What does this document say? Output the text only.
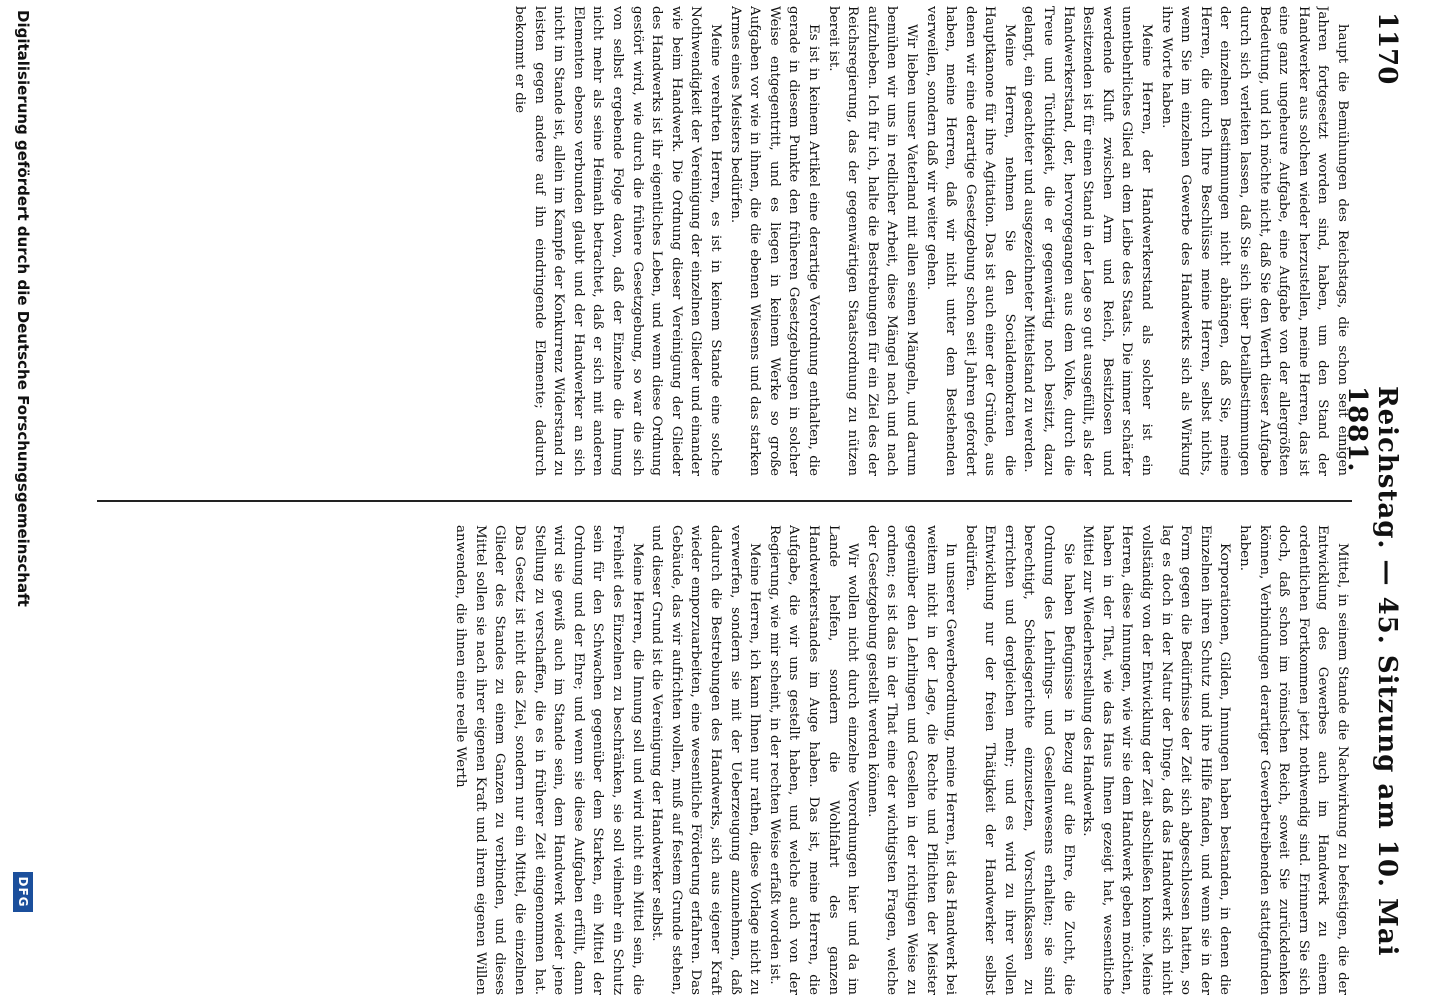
1170
Reichstag. — 45. Sitzung am 10. Mai 1881.

haupt die Bemühungen des Reichstags, die schon seit einigen Jahren fortgesetzt worden sind, haben, um den Stand der Handwerker aus solchen wieder herzustellen, meine Herren, das ist eine ganz ungeheure Aufgabe, eine Aufgabe von der allergrößten Bedeutung, und ich möchte nicht, daß Sie den Werth dieser Aufgabe durch sich verleiten lassen, daß Sie sich über Detailbestimmungen der einzelnen Bestimmungen nicht abhängen, daß Sie, meine Herren, die durch Ihre Beschlüsse meine Herren, selbst nichts, wenn Sie im einzelnen Gewerbe des Handwerks sich als Wirkung ihre Worte haben.

Meine Herren, der Handwerkerstand als solcher ist ein unentbehrliches Glied an dem Leibe des Staats. Die immer schärfer werdende Kluft zwischen Arm und Reich, Besitzlosen und Besitzenden ist für einen Stand in der Lage so gut ausgefüllt, als der Handwerkerstand, der, hervorgegangen aus dem Volke, durch die Treue und Tüchtigkeit, die er gegenwärtig noch besitzt, dazu gelangt, ein geachteter und ausgezeichneter Mittelstand zu werden.

Meine Herren, nehmen Sie den Socialdemokraten die Hauptkanone für ihre Agitation. Das ist auch einer der Gründe, aus denen wir eine derartige Gesetzgebung schon seit Jahren gefordert haben, meine Herren, daß wir nicht unter dem Bestehenden verweilen, sondern daß wir weiter gehen.

Wir lieben unser Vaterland mit allen seinen Mängeln, und darum bemühen wir uns in redlicher Arbeit, diese Mängel nach und nach aufzuheben. Ich für ich, halte die Bestrebungen für ein Ziel des der Reichsregierung, das der gegenwärtigen Staatsordnung zu nützen bereit ist.

Es ist in keinem Artikel eine derartige Verordnung enthalten, die gerade in diesem Punkte den früheren Gesetzgebungen in solcher Weise entgegentritt, und es liegen in keinem Werke so große Aufgaben vor wie in ihnen, die die ebenen Wiesens und das starken Armes eines Meisters bedürfen.

Meine verehrten Herren, es ist in keinem Stande eine solche Nothwendigkeit der Vereinigung der einzelnen Glieder und einander wie beim Handwerk. Die Ordnung dieser Vereinigung der Glieder des Handwerks ist ihr eigentliches Leben, und wenn diese Ordnung gestört wird, wie durch die frühere Gesetzgebung, so war die sich von selbst ergebende Folge davon, daß der Einzelne die Innung nicht mehr als seine Heimath betrachtet, daß er sich mit anderen Elementen ebenso verbunden glaubt und der Handwerker an sich nicht im Stande ist, allein im Kampfe der Konkurrenz Widerstand zu leisten gegen andere auf ihn eindringende Elemente; dadurch bekommt er die

Mittel, in seinem Stande die Nachwirkung zu befestigen, die der Entwicklung des Gewerbes auch im Handwerk zu einem ordentlichen Fortkommen jetzt nothwendig sind. Erinnern Sie sich doch, daß schon im römischen Reich, soweit Sie zurückdenken können, Verbindungen derartiger Gewerbetreibenden stattgefunden haben.

Korporationen, Gilden, Innungen haben bestanden, in denen die Einzelnen ihren Schutz und ihre Hilfe fanden, und wenn sie in der Form gegen die Bedürfnisse der Zeit sich abgeschlossen hatten, so lag es doch in der Natur der Dinge, daß das Handwerk sich nicht vollständig von der Entwicklung der Zeit abschließen konnte. Meine Herren, diese Innungen, wie wir sie dem Handwerk geben möchten, haben in der That, wie das Haus Ihnen gezeigt hat, wesentliche Mittel zur Wiederherstellung des Handwerks.

Sie haben Befugnisse in Bezug auf die Ehre, die Zucht, die Ordnung des Lehrlings- und Gesellenwesens erhalten; sie sind berechtigt, Schiedsgerichte einzusetzen, Vorschußkassen zu errichten und dergleichen mehr; und es wird zu ihrer vollen Entwicklung nur der freien Thätigkeit der Handwerker selbst bedürfen.

In unserer Gewerbeordnung, meine Herren, ist das Handwerk bei weitem nicht in der Lage, die Rechte und Pflichten der Meister gegenüber den Lehrlingen und Gesellen in der richtigen Weise zu ordnen; es ist das in der That eine der wichtigsten Fragen, welche der Gesetzgebung gestellt werden können.

Wir wollen nicht durch einzelne Verordnungen hier und da im Lande helfen, sondern die Wohlfahrt des ganzen Handwerkerstandes im Auge haben. Das ist, meine Herren, die Aufgabe, die wir uns gestellt haben, und welche auch von der Regierung, wie mir scheint, in der rechten Weise erfaßt worden ist.

Meine Herren, ich kann Ihnen nur rathen, diese Vorlage nicht zu verwerfen, sondern sie mit der Ueberzeugung anzunehmen, daß dadurch die Bestrebungen des Handwerks, sich aus eigener Kraft wieder emporzuarbeiten, eine wesentliche Förderung erfahren. Das Gebäude, das wir aufrichten wollen, muß auf festem Grunde stehen, und dieser Grund ist die Vereinigung der Handwerker selbst.

Meine Herren, die Innung soll und wird nicht ein Mittel sein, die Freiheit des Einzelnen zu beschränken, sie soll vielmehr ein Schutz sein für den Schwachen gegenüber dem Starken, ein Mittel der Ordnung und der Ehre; und wenn sie diese Aufgaben erfüllt, dann wird sie gewiß auch im Stande sein, dem Handwerk wieder jene Stellung zu verschaffen, die es in früherer Zeit eingenommen hat. Das Gesetz ist nicht das Ziel, sondern nur ein Mittel, die einzelnen Glieder des Standes zu einem Ganzen zu verbinden, und dieses Mittel sollen sie nach ihrer eigenen Kraft und ihrem eigenen Willen anwenden, die ihnen eine reelle Werth

Digitalisierung gefördert durch die Deutsche Forschungsgemeinschaft
DFG
